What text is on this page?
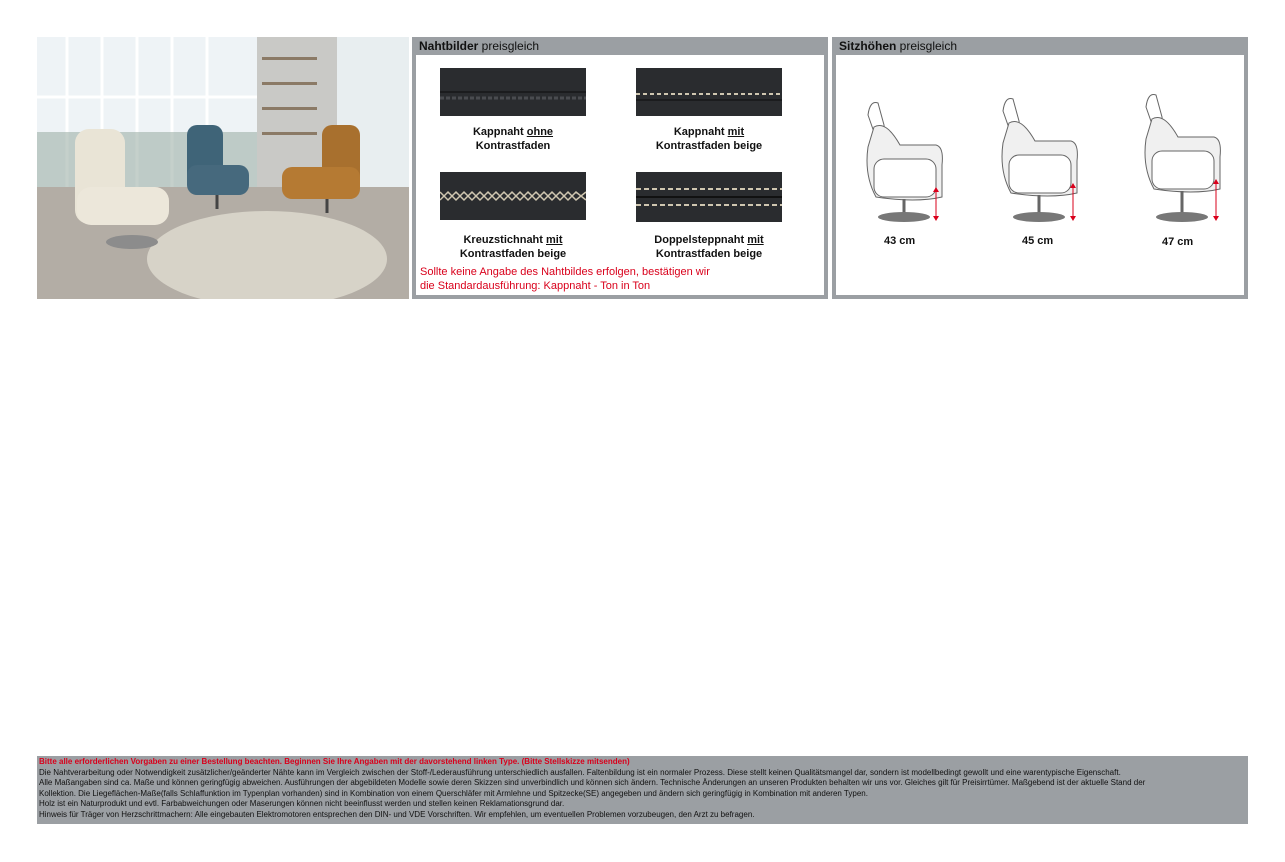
Nahtbilder preisgleich
Kappnaht ohne
Kontrastfaden
Kappnaht mit
Kontrastfaden beige
Kreuzstichnaht mit
Kontrastfaden beige
Doppelsteppnaht mit
Kontrastfaden beige
Sollte keine Angabe des Nahtbildes erfolgen, bestätigen wir
die Standardausführung: Kappnaht - Ton in Ton
Sitzhöhen preisgleich
43 cm	45 cm	47 cm
Bitte alle erforderlichen Vorgaben zu einer Bestellung beachten. Beginnen Sie Ihre Angaben mit der davorstehend linken Type. (Bitte Stellskizze mitsenden)
Die Nahtverarbeitung oder Notwendigkeit zusätzlicher/geänderter Nähte kann im Vergleich zwischen der Stoff-/Lederausführung unterschiedlich ausfallen. Faltenbildung ist ein normaler Prozess. Diese stellt keinen Qualitätsmangel dar, sondern ist modellbedingt gewollt und eine warentypische Eigenschaft.
Alle Maßangaben sind ca. Maße und können geringfügig abweichen. Ausführungen der abgebildeten Modelle sowie deren Skizzen sind unverbindlich und können sich ändern. Technische Änderungen an unseren Produkten behalten wir uns vor. Gleiches gilt für Preisirrtümer. Maßgebend ist der aktuelle Stand der
Kollektion. Die Liegeflächen-Maße(falls Schlaffunktion im Typenplan vorhanden) sind in Kombination von einem Querschläfer mit Armlehne und Spitzecke(SE) angegeben und ändern sich geringfügig in Kombination mit anderen Typen.
Holz ist ein Naturprodukt und evtl. Farbabweichungen oder Maserungen können nicht beeinflusst werden und stellen keinen Reklamationsgrund dar.
Hinweis für Träger von Herzschrittmachern: Alle eingebauten Elektromotoren entsprechen den DIN- und VDE Vorschriften. Wir empfehlen, um eventuellen Problemen vorzubeugen, den Arzt zu befragen.
